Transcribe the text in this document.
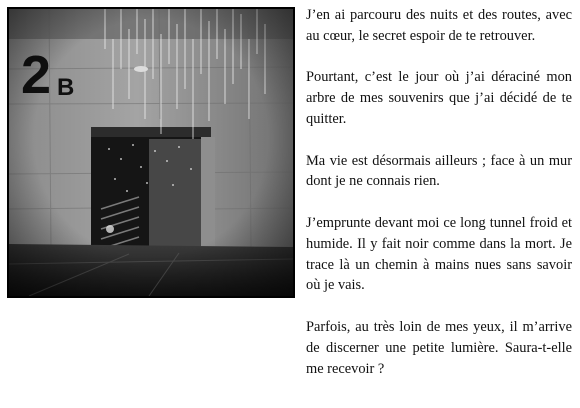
J’en ai parcouru des nuits et des routes, avec au cœur, le secret espoir de te retrouver.

Pourtant, c’est le jour où j’ai déraciné mon arbre de mes souvenirs que j’ai décidé de te quitter.

Ma vie est désormais ailleurs ; face à un mur dont je ne connais rien.

J’emprunte devant moi ce long tunnel froid et humide. Il y fait noir comme dans la mort. Je trace là un chemin à mains nues sans savoir où je vais.

Parfois, au très loin de mes yeux, il m’arrive de discerner une petite lumière. Saura-t-elle me recevoir ?
